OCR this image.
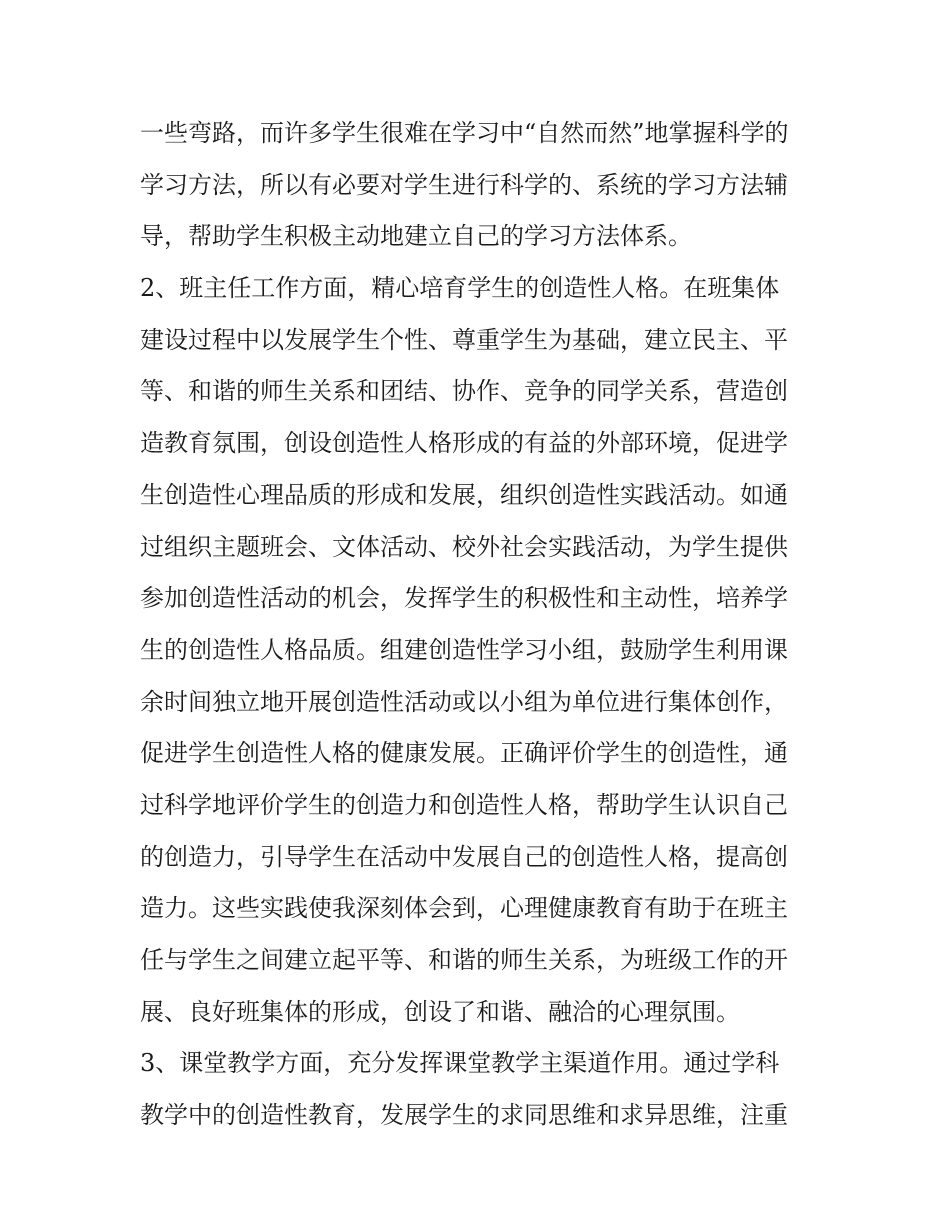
一些弯路，而许多学生很难在学习中“自然而然”地掌握科学的
学习方法，所以有必要对学生进行科学的、系统的学习方法辅
导，帮助学生积极主动地建立自己的学习方法体系。
2、班主任工作方面，精心培育学生的创造性人格。在班集体
建设过程中以发展学生个性、尊重学生为基础，建立民主、平
等、和谐的师生关系和团结、协作、竞争的同学关系，营造创
造教育氛围，创设创造性人格形成的有益的外部环境，促进学
生创造性心理品质的形成和发展，组织创造性实践活动。如通
过组织主题班会、文体活动、校外社会实践活动，为学生提供
参加创造性活动的机会，发挥学生的积极性和主动性，培养学
生的创造性人格品质。组建创造性学习小组，鼓励学生利用课
余时间独立地开展创造性活动或以小组为单位进行集体创作，
促进学生创造性人格的健康发展。正确评价学生的创造性，通
过科学地评价学生的创造力和创造性人格，帮助学生认识自己
的创造力，引导学生在活动中发展自己的创造性人格，提高创
造力。这些实践使我深刻体会到，心理健康教育有助于在班主
任与学生之间建立起平等、和谐的师生关系，为班级工作的开
展、良好班集体的形成，创设了和谐、融洽的心理氛围。
3、课堂教学方面，充分发挥课堂教学主渠道作用。通过学科
教学中的创造性教育，发展学生的求同思维和求异思维，注重
